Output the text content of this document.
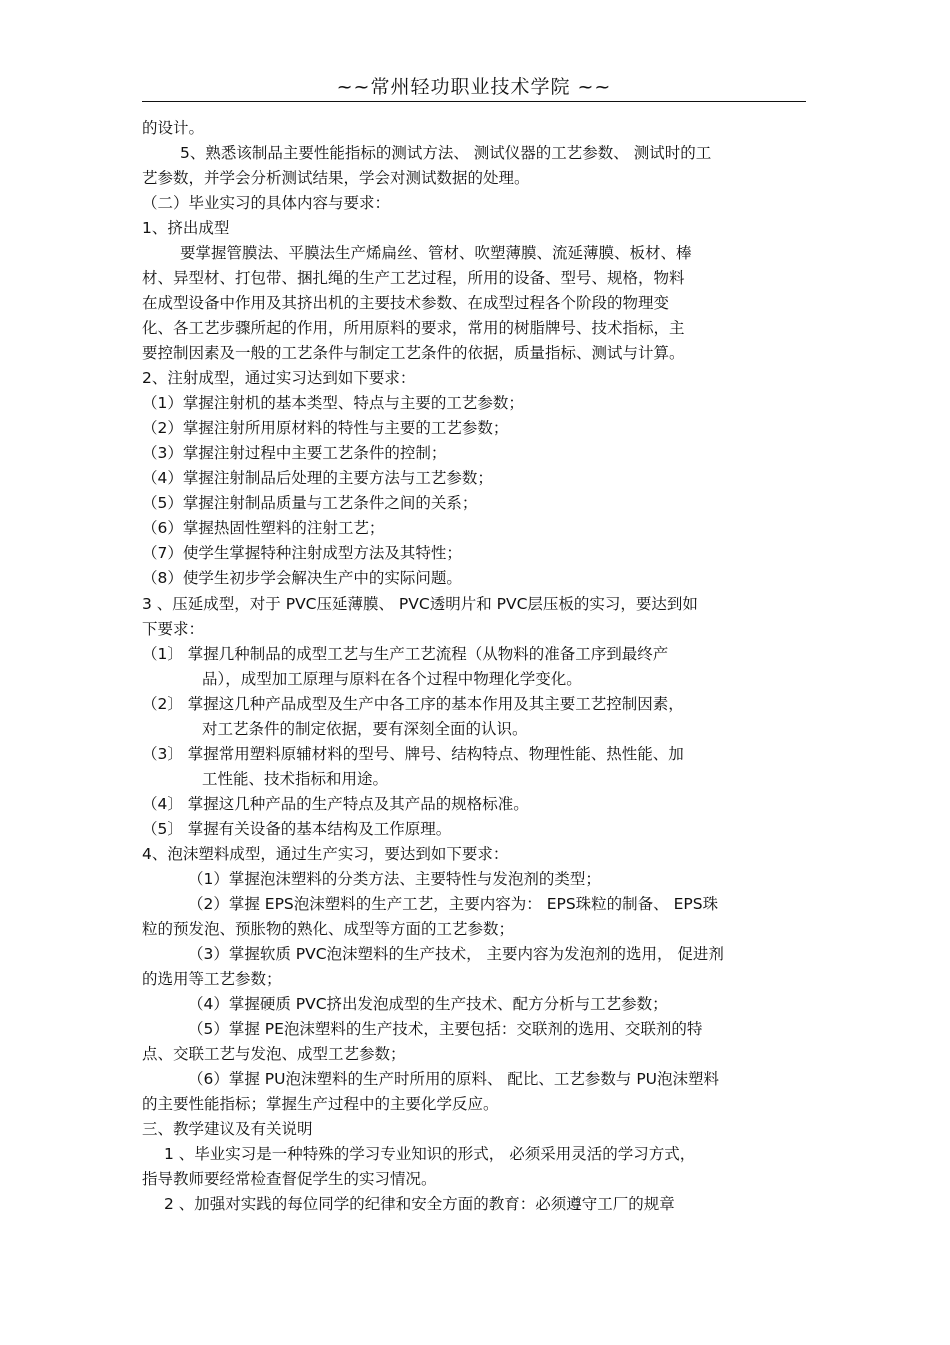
~~常州轻功职业技术学院 ~~
的设计。
5、熟悉该制品主要性能指标的测试方法、 测试仪器的工艺参数、 测试时的工
艺参数，并学会分析测试结果，学会对测试数据的处理。
（二）毕业实习的具体内容与要求：
1、挤出成型
要掌握管膜法、平膜法生产烯扁丝、管材、吹塑薄膜、流延薄膜、板材、棒
材、异型材、打包带、捆扎绳的生产工艺过程，所用的设备、型号、规格，物料
在成型设备中作用及其挤出机的主要技术参数、在成型过程各个阶段的物理变
化、各工艺步骤所起的作用，所用原料的要求，常用的树脂牌号、技术指标，主
要控制因素及一般的工艺条件与制定工艺条件的依据，质量指标、测试与计算。
2、注射成型，通过实习达到如下要求：
（1）掌握注射机的基本类型、特点与主要的工艺参数；
（2）掌握注射所用原材料的特性与主要的工艺参数；
（3）掌握注射过程中主要工艺条件的控制；
（4）掌握注射制品后处理的主要方法与工艺参数；
（5）掌握注射制品质量与工艺条件之间的关系；
（6）掌握热固性塑料的注射工艺；
（7）使学生掌握特种注射成型方法及其特性；
（8）使学生初步学会解决生产中的实际问题。
3 、压延成型，对于 PVC压延薄膜、 PVC透明片和 PVC层压板的实习，要达到如
下要求：
（1〕 掌握几种制品的成型工艺与生产工艺流程（从物料的准备工序到最终产
品），成型加工原理与原料在各个过程中物理化学变化。
（2〕 掌握这几种产品成型及生产中各工序的基本作用及其主要工艺控制因素，
对工艺条件的制定依据，要有深刻全面的认识。
（3〕 掌握常用塑料原辅材料的型号、牌号、结构特点、物理性能、热性能、加
工性能、技术指标和用途。
（4〕 掌握这几种产品的生产特点及其产品的规格标准。
（5〕 掌握有关设备的基本结构及工作原理。
4、泡沫塑料成型，通过生产实习，要达到如下要求：
（1）掌握泡沫塑料的分类方法、主要特性与发泡剂的类型；
（2）掌握 EPS泡沫塑料的生产工艺，主要内容为： EPS珠粒的制备、 EPS珠
粒的预发泡、预胀物的熟化、成型等方面的工艺参数；
（3）掌握软质 PVC泡沫塑料的生产技术， 主要内容为发泡剂的选用， 促进剂
的选用等工艺参数；
（4）掌握硬质 PVC挤出发泡成型的生产技术、配方分析与工艺参数；
（5）掌握 PE泡沫塑料的生产技术，主要包括：交联剂的选用、交联剂的特
点、交联工艺与发泡、成型工艺参数；
（6）掌握 PU泡沫塑料的生产时所用的原料、 配比、工艺参数与 PU泡沫塑料
的主要性能指标；掌握生产过程中的主要化学反应。
三、教学建议及有关说明
1 、毕业实习是一种特殊的学习专业知识的形式， 必须采用灵活的学习方式，
指导教师要经常检查督促学生的实习情况。
2 、加强对实践的每位同学的纪律和安全方面的教育：必须遵守工厂的规章
